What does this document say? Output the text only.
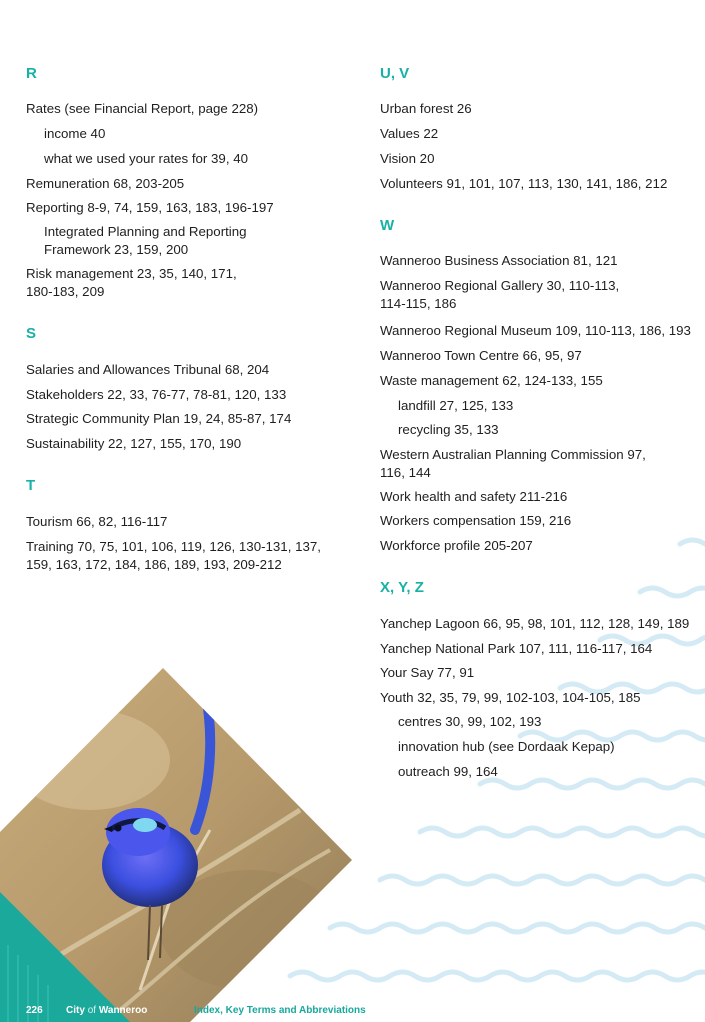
R
Rates (see Financial Report, page 228)
income 40
what we used your rates for 39, 40
Remuneration 68, 203-205
Reporting 8-9, 74, 159, 163, 183, 196-197
Integrated Planning and Reporting
Framework 23, 159, 200
Risk management 23, 35, 140, 171,
180-183, 209
S
Salaries and Allowances Tribunal 68, 204
Stakeholders 22, 33, 76-77, 78-81, 120, 133
Strategic Community Plan 19, 24, 85-87, 174
Sustainability 22, 127, 155, 170, 190
T
Tourism 66, 82, 116-117
Training 70, 75, 101, 106, 119, 126, 130-131, 137,
159, 163, 172, 184, 186, 189, 193, 209-212
U, V
Urban forest 26
Values 22
Vision 20
Volunteers 91, 101, 107, 113, 130, 141, 186, 212
W
Wanneroo Business Association 81, 121
Wanneroo Regional Gallery 30, 110-113,
114-115, 186
Wanneroo Regional Museum 109, 110-113, 186, 193
Wanneroo Town Centre 66, 95, 97
Waste management 62, 124-133, 155
landfill 27, 125, 133
recycling 35, 133
Western Australian Planning Commission 97,
116, 144
Work health and safety 211-216
Workers compensation 159, 216
Workforce profile 205-207
X, Y, Z
Yanchep Lagoon 66, 95, 98, 101, 112, 128, 149, 189
Yanchep National Park 107, 111, 116-117, 164
Your Say 77, 91
Youth 32, 35, 79, 99, 102-103, 104-105, 185
centres 30, 99, 102, 193
innovation hub (see Dordaak Kepap)
outreach 99, 164
226 City of Wanneroo	Index, Key Terms and Abbreviations
